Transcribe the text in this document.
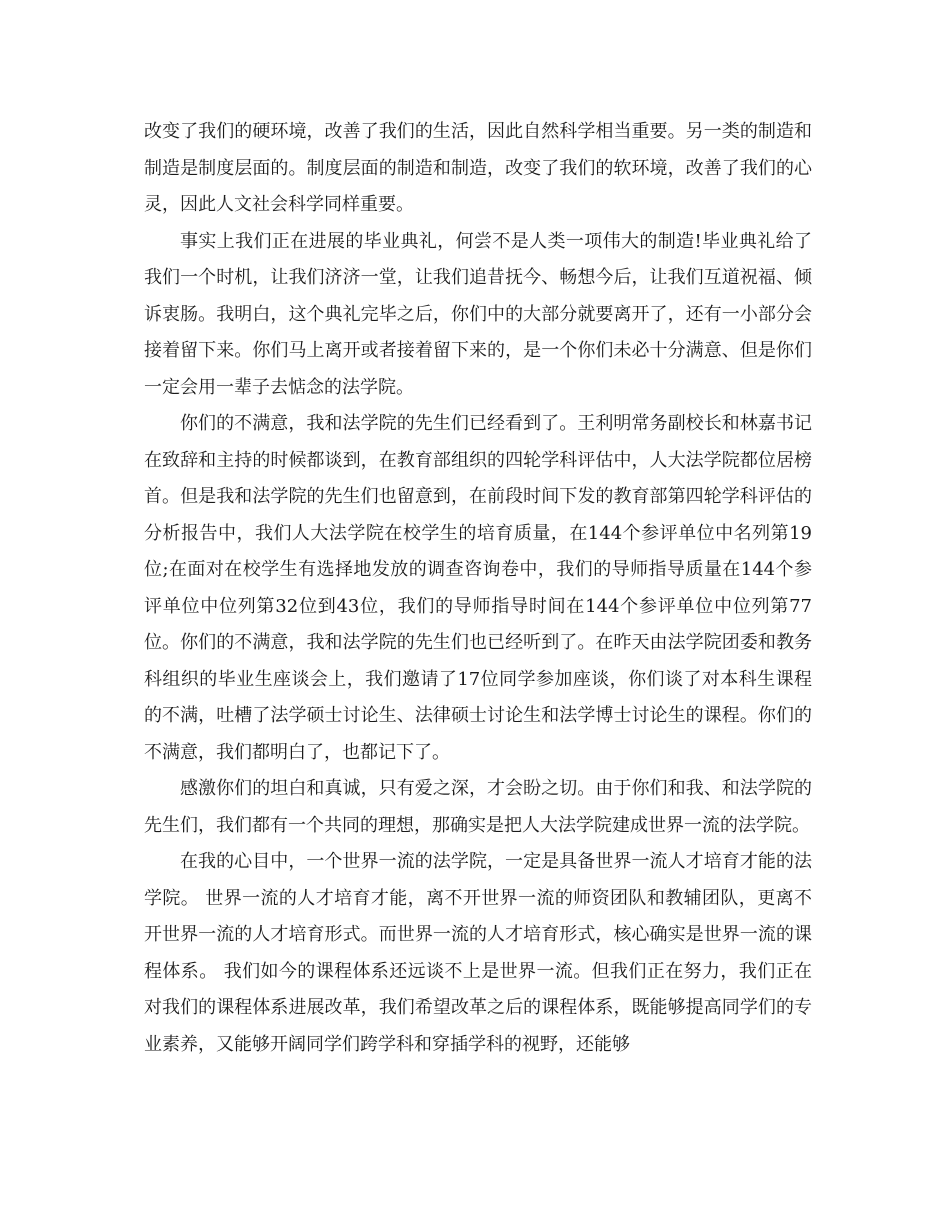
改变了我们的硬环境，改善了我们的生活，因此自然科学相当重要。另一类的制造和制造是制度层面的。制度层面的制造和制造，改变了我们的软环境，改善了我们的心灵，因此人文社会科学同样重要。

事实上我们正在进展的毕业典礼，何尝不是人类一项伟大的制造!毕业典礼给了我们一个时机，让我们济济一堂，让我们追昔抚今、畅想今后，让我们互道祝福、倾诉衷肠。我明白，这个典礼完毕之后，你们中的大部分就要离开了，还有一小部分会接着留下来。你们马上离开或者接着留下来的，是一个你们未必十分满意、但是你们一定会用一辈子去惦念的法学院。

你们的不满意，我和法学院的先生们已经看到了。王利明常务副校长和林嘉书记在致辞和主持的时候都谈到，在教育部组织的四轮学科评估中，人大法学院都位居榜首。但是我和法学院的先生们也留意到，在前段时间下发的教育部第四轮学科评估的分析报告中，我们人大法学院在校学生的培育质量，在144个参评单位中名列第19位;在面对在校学生有选择地发放的调查咨询卷中，我们的导师指导质量在144个参评单位中位列第32位到43位，我们的导师指导时间在144个参评单位中位列第77位。你们的不满意，我和法学院的先生们也已经听到了。在昨天由法学院团委和教务科组织的毕业生座谈会上，我们邀请了17位同学参加座谈，你们谈了对本科生课程的不满，吐槽了法学硕士讨论生、法律硕士讨论生和法学博士讨论生的课程。你们的不满意，我们都明白了，也都记下了。

感激你们的坦白和真诚，只有爱之深，才会盼之切。由于你们和我、和法学院的先生们，我们都有一个共同的理想，那确实是把人大法学院建成世界一流的法学院。

在我的心目中，一个世界一流的法学院，一定是具备世界一流人才培育才能的法学院。 世界一流的人才培育才能，离不开世界一流的师资团队和教辅团队，更离不开世界一流的人才培育形式。而世界一流的人才培育形式，核心确实是世界一流的课程体系。 我们如今的课程体系还远谈不上是世界一流。但我们正在努力，我们正在对我们的课程体系进展改革，我们希望改革之后的课程体系，既能够提高同学们的专业素养，又能够开阔同学们跨学科和穿插学科的视野，还能够
